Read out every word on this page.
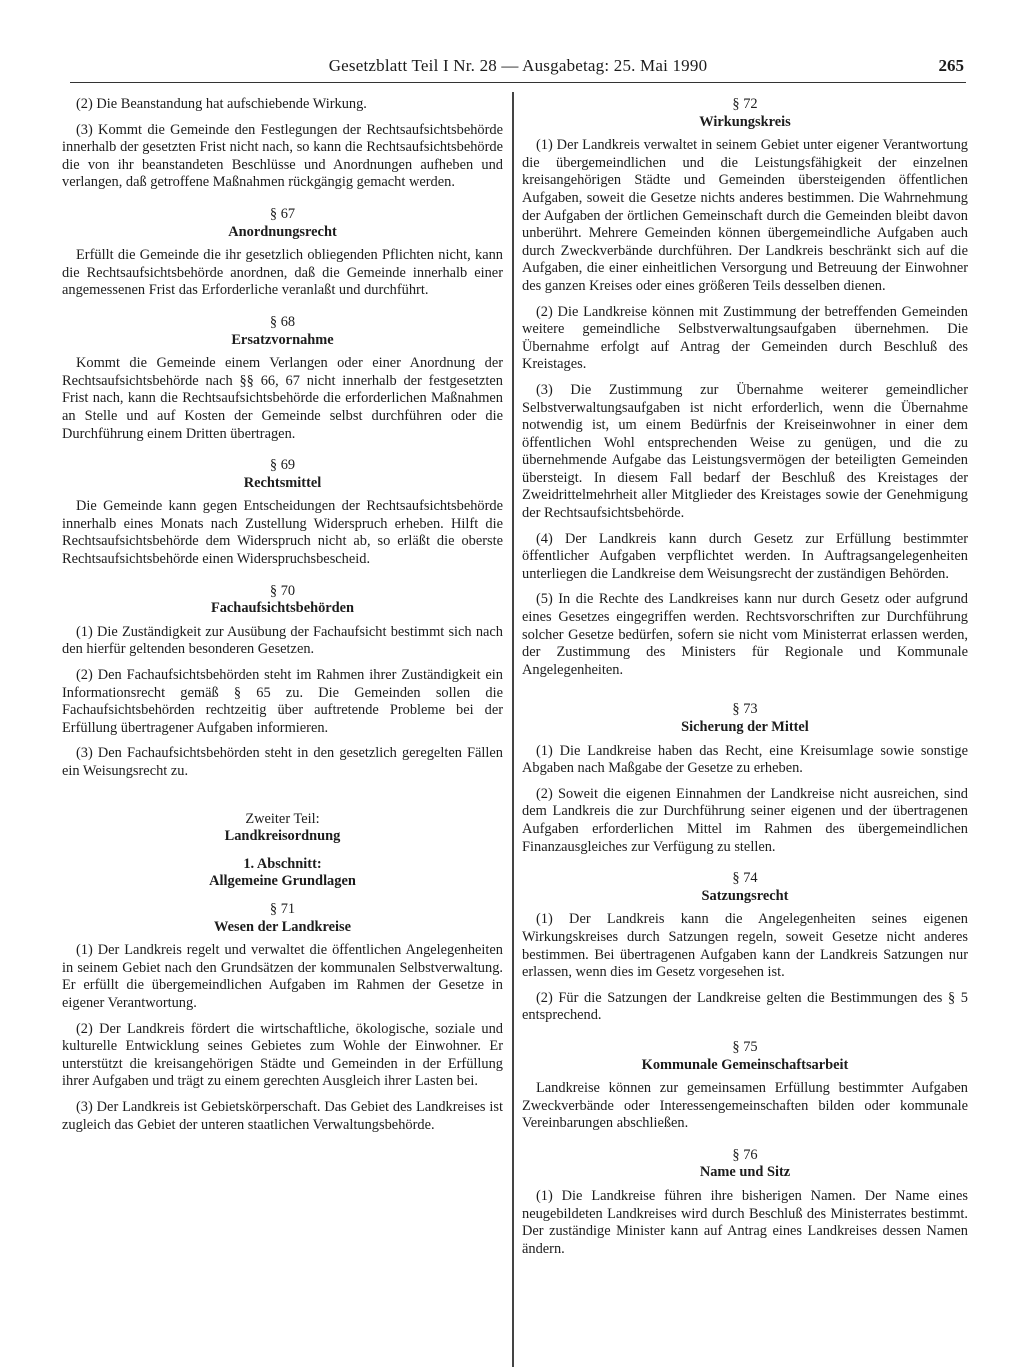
Gesetzblatt Teil I Nr. 28 — Ausgabetag: 25. Mai 1990	265

(2) Die Beanstandung hat aufschiebende Wirkung.

(3) Kommt die Gemeinde den Festlegungen der Rechtsaufsichtsbehörde innerhalb der gesetzten Frist nicht nach, so kann die Rechtsaufsichtsbehörde die von ihr beanstandeten Beschlüsse und Anordnungen aufheben und verlangen, daß getroffene Maßnahmen rückgängig gemacht werden.

§ 67
Anordnungsrecht

Erfüllt die Gemeinde die ihr gesetzlich obliegenden Pflichten nicht, kann die Rechtsaufsichtsbehörde anordnen, daß die Gemeinde innerhalb einer angemessenen Frist das Erforderliche veranlaßt und durchführt.

§ 68
Ersatzvornahme

Kommt die Gemeinde einem Verlangen oder einer Anordnung der Rechtsaufsichtsbehörde nach §§ 66, 67 nicht innerhalb der festgesetzten Frist nach, kann die Rechtsaufsichtsbehörde die erforderlichen Maßnahmen an Stelle und auf Kosten der Gemeinde selbst durchführen oder die Durchführung einem Dritten übertragen.

§ 69
Rechtsmittel

Die Gemeinde kann gegen Entscheidungen der Rechtsaufsichtsbehörde innerhalb eines Monats nach Zustellung Widerspruch erheben. Hilft die Rechtsaufsichtsbehörde dem Widerspruch nicht ab, so erläßt die oberste Rechtsaufsichtsbehörde einen Widerspruchsbescheid.

§ 70
Fachaufsichtsbehörden

(1) Die Zuständigkeit zur Ausübung der Fachaufsicht bestimmt sich nach den hierfür geltenden besonderen Gesetzen.

(2) Den Fachaufsichtsbehörden steht im Rahmen ihrer Zuständigkeit ein Informationsrecht gemäß § 65 zu. Die Gemeinden sollen die Fachaufsichtsbehörden rechtzeitig über auftretende Probleme bei der Erfüllung übertragener Aufgaben informieren.

(3) Den Fachaufsichtsbehörden steht in den gesetzlich geregelten Fällen ein Weisungsrecht zu.

Zweiter Teil:
Landkreisordnung
1. Abschnitt:
Allgemeine Grundlagen
§ 71
Wesen der Landkreise

(1) Der Landkreis regelt und verwaltet die öffentlichen Angelegenheiten in seinem Gebiet nach den Grundsätzen der kommunalen Selbstverwaltung. Er erfüllt die übergemeindlichen Aufgaben im Rahmen der Gesetze in eigener Verantwortung.

(2) Der Landkreis fördert die wirtschaftliche, ökologische, soziale und kulturelle Entwicklung seines Gebietes zum Wohle der Einwohner. Er unterstützt die kreisangehörigen Städte und Gemeinden in der Erfüllung ihrer Aufgaben und trägt zu einem gerechten Ausgleich ihrer Lasten bei.

(3) Der Landkreis ist Gebietskörperschaft. Das Gebiet des Landkreises ist zugleich das Gebiet der unteren staatlichen Verwaltungsbehörde.

§ 72
Wirkungskreis

(1) Der Landkreis verwaltet in seinem Gebiet unter eigener Verantwortung die übergemeindlichen und die Leistungsfähigkeit der einzelnen kreisangehörigen Städte und Gemeinden übersteigenden öffentlichen Aufgaben, soweit die Gesetze nichts anderes bestimmen. Die Wahrnehmung der Aufgaben der örtlichen Gemeinschaft durch die Gemeinden bleibt davon unberührt. Mehrere Gemeinden können übergemeindliche Aufgaben auch durch Zweckverbände durchführen. Der Landkreis beschränkt sich auf die Aufgaben, die einer einheitlichen Versorgung und Betreuung der Einwohner des ganzen Kreises oder eines größeren Teils desselben dienen.

(2) Die Landkreise können mit Zustimmung der betreffenden Gemeinden weitere gemeindliche Selbstverwaltungsaufgaben übernehmen. Die Übernahme erfolgt auf Antrag der Gemeinden durch Beschluß des Kreistages.

(3) Die Zustimmung zur Übernahme weiterer gemeindlicher Selbstverwaltungsaufgaben ist nicht erforderlich, wenn die Übernahme notwendig ist, um einem Bedürfnis der Kreiseinwohner in einer dem öffentlichen Wohl entsprechenden Weise zu genügen, und die zu übernehmende Aufgabe das Leistungsvermögen der beteiligten Gemeinden übersteigt. In diesem Fall bedarf der Beschluß des Kreistages der Zweidrittelmehrheit aller Mitglieder des Kreistages sowie der Genehmigung der Rechtsaufsichtsbehörde.

(4) Der Landkreis kann durch Gesetz zur Erfüllung bestimmter öffentlicher Aufgaben verpflichtet werden. In Auftragsangelegenheiten unterliegen die Landkreise dem Weisungsrecht der zuständigen Behörden.

(5) In die Rechte des Landkreises kann nur durch Gesetz oder aufgrund eines Gesetzes eingegriffen werden. Rechtsvorschriften zur Durchführung solcher Gesetze bedürfen, sofern sie nicht vom Ministerrat erlassen werden, der Zustimmung des Ministers für Regionale und Kommunale Angelegenheiten.

§ 73
Sicherung der Mittel

(1) Die Landkreise haben das Recht, eine Kreisumlage sowie sonstige Abgaben nach Maßgabe der Gesetze zu erheben.

(2) Soweit die eigenen Einnahmen der Landkreise nicht ausreichen, sind dem Landkreis die zur Durchführung seiner eigenen und der übertragenen Aufgaben erforderlichen Mittel im Rahmen des übergemeindlichen Finanzausgleiches zur Verfügung zu stellen.

§ 74
Satzungsrecht

(1) Der Landkreis kann die Angelegenheiten seines eigenen Wirkungskreises durch Satzungen regeln, soweit Gesetze nicht anderes bestimmen. Bei übertragenen Aufgaben kann der Landkreis Satzungen nur erlassen, wenn dies im Gesetz vorgesehen ist.

(2) Für die Satzungen der Landkreise gelten die Bestimmungen des § 5 entsprechend.

§ 75
Kommunale Gemeinschaftsarbeit

Landkreise können zur gemeinsamen Erfüllung bestimmter Aufgaben Zweckverbände oder Interessengemeinschaften bilden oder kommunale Vereinbarungen abschließen.

§ 76
Name und Sitz

(1) Die Landkreise führen ihre bisherigen Namen. Der Name eines neugebildeten Landkreises wird durch Beschluß des Ministerrates bestimmt. Der zuständige Minister kann auf Antrag eines Landkreises dessen Namen ändern.
